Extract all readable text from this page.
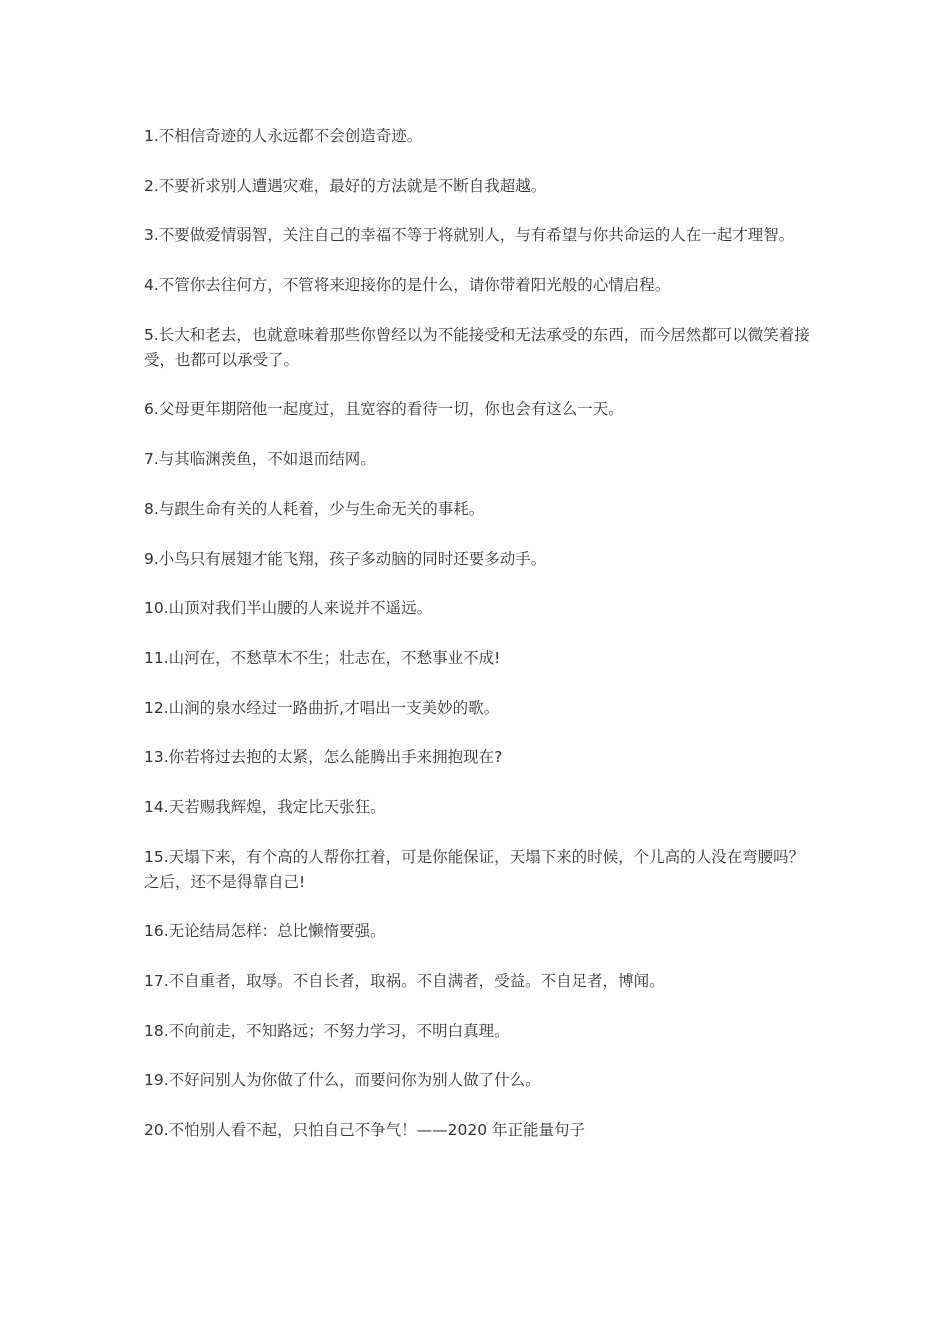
1.不相信奇迹的人永远都不会创造奇迹。

2.不要祈求别人遭遇灾难，最好的方法就是不断自我超越。

3.不要做爱情弱智，关注自己的幸福不等于将就别人，与有希望与你共命运的人在一起才理智。

4.不管你去往何方，不管将来迎接你的是什么，请你带着阳光般的心情启程。

5.长大和老去，也就意味着那些你曾经以为不能接受和无法承受的东西，而今居然都可以微笑着接受，也都可以承受了。

6.父母更年期陪他一起度过，且宽容的看待一切，你也会有这么一天。

7.与其临渊羡鱼，不如退而结网。

8.与跟生命有关的人耗着，少与生命无关的事耗。

9.小鸟只有展翅才能飞翔，孩子多动脑的同时还要多动手。

10.山顶对我们半山腰的人来说并不遥远。

11.山河在，不愁草木不生；壮志在，不愁事业不成!

12.山涧的泉水经过一路曲折,才唱出一支美妙的歌。

13.你若将过去抱的太紧，怎么能腾出手来拥抱现在?

14.天若赐我辉煌，我定比天张狂。

15.天塌下来，有个高的人帮你扛着，可是你能保证，天塌下来的时候，个儿高的人没在弯腰吗？之后，还不是得靠自己!

16.无论结局怎样：总比懒惰要强。

17.不自重者，取辱。不自长者，取祸。不自满者，受益。不自足者，博闻。

18.不向前走，不知路远；不努力学习，不明白真理。

19.不好问别人为你做了什么，而要问你为别人做了什么。

20.不怕别人看不起，只怕自己不争气！——2020 年正能量句子
